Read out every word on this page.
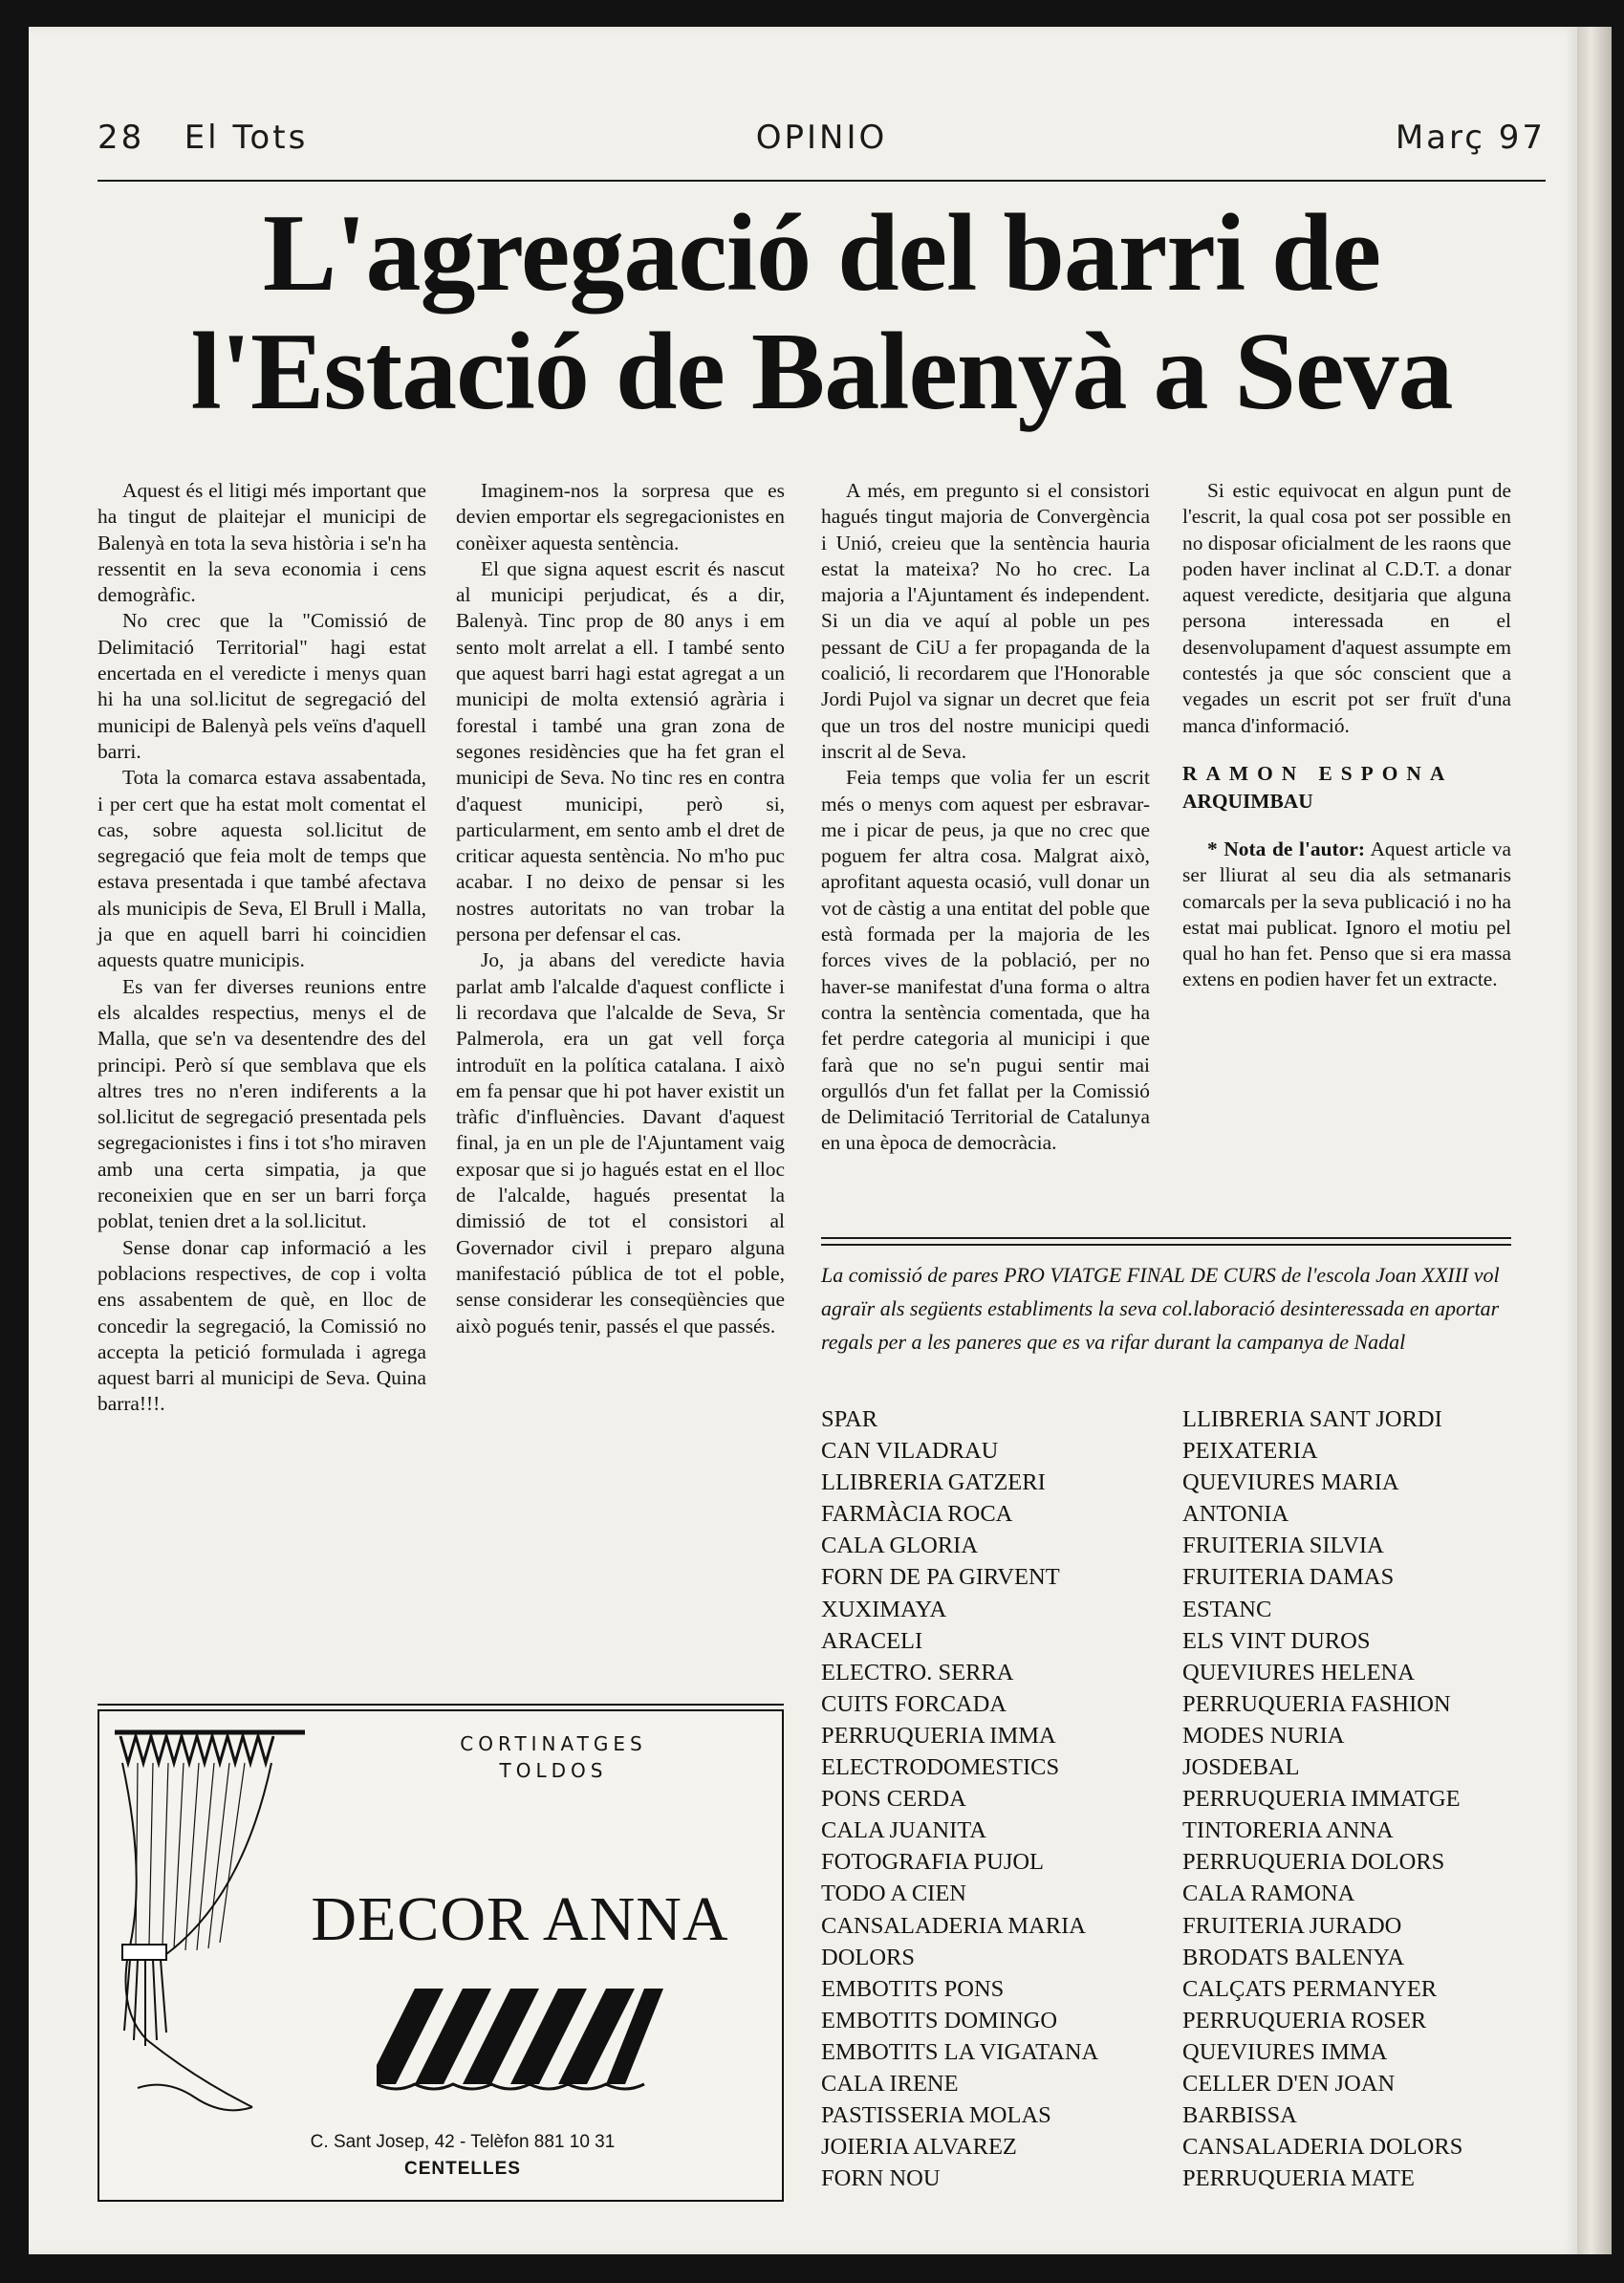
28 El Tots	OPINIO	Març 97
L'agregació del barri de
l'Estació de Balenyà a Seva

Aquest és el litigi més important que ha tingut de plaitejar el municipi de Balenyà en tota la seva història i se'n ha ressentit en la seva economia i cens demogràfic.

No crec que la "Comissió de Delimitació Territorial" hagi estat encertada en el veredicte i menys quan hi ha una sol.licitut de segregació del municipi de Balenyà pels veïns d'aquell barri.

Tota la comarca estava assabentada, i per cert que ha estat molt comentat el cas, sobre aquesta sol.licitut de segregació que feia molt de temps que estava presentada i que també afectava als municipis de Seva, El Brull i Malla, ja que en aquell barri hi coincidien aquests quatre municipis.

Es van fer diverses reunions entre els alcaldes respectius, menys el de Malla, que se'n va desentendre des del principi. Però sí que semblava que els altres tres no n'eren indiferents a la sol.licitut de segregació presentada pels segregacionistes i fins i tot s'ho miraven amb una certa simpatia, ja que reconeixien que en ser un barri força poblat, tenien dret a la sol.licitut.

Sense donar cap informació a les poblacions respectives, de cop i volta ens assabentem de què, en lloc de concedir la segregació, la Comissió no accepta la petició formulada i agrega aquest barri al municipi de Seva. Quina barra!!!.

Imaginem-nos la sorpresa que es devien emportar els segregacionistes en conèixer aquesta sentència.

El que signa aquest escrit és nascut al municipi perjudicat, és a dir, Balenyà. Tinc prop de 80 anys i em sento molt arrelat a ell. I també sento que aquest barri hagi estat agregat a un municipi de molta extensió agrària i forestal i també una gran zona de segones residències que ha fet gran el municipi de Seva. No tinc res en contra d'aquest municipi, però si, particularment, em sento amb el dret de criticar aquesta sentència. No m'ho puc acabar. I no deixo de pensar si les nostres autoritats no van trobar la persona per defensar el cas.

Jo, ja abans del veredicte havia parlat amb l'alcalde d'aquest conflicte i li recordava que l'alcalde de Seva, Sr Palmerola, era un gat vell força introduït en la política catalana. I això em fa pensar que hi pot haver existit un tràfic d'influències. Davant d'aquest final, ja en un ple de l'Ajuntament vaig exposar que si jo hagués estat en el lloc de l'alcalde, hagués presentat la dimissió de tot el consistori al Governador civil i preparo alguna manifestació pública de tot el poble, sense considerar les conseqüències que això pogués tenir, passés el que passés.

A més, em pregunto si el consistori hagués tingut majoria de Convergència i Unió, creieu que la sentència hauria estat la mateixa? No ho crec. La majoria a l'Ajuntament és independent. Si un dia ve aquí al poble un pes pessant de CiU a fer propaganda de la coalició, li recordarem que l'Honorable Jordi Pujol va signar un decret que feia que un tros del nostre municipi quedi inscrit al de Seva.

Feia temps que volia fer un escrit més o menys com aquest per esbravar-me i picar de peus, ja que no crec que poguem fer altra cosa. Malgrat això, aprofitant aquesta ocasió, vull donar un vot de càstig a una entitat del poble que està formada per la majoria de les forces vives de la població, per no haver-se manifestat d'una forma o altra contra la sentència comentada, que ha fet perdre categoria al municipi i que farà que no se'n pugui sentir mai orgullós d'un fet fallat per la Comissió de Delimitació Territorial de Catalunya en una època de democràcia.

Si estic equivocat en algun punt de l'escrit, la qual cosa pot ser possible en no disposar oficialment de les raons que poden haver inclinat al C.D.T. a donar aquest veredicte, desitjaria que alguna persona interessada en el desenvolupament d'aquest assumpte em contestés ja que sóc conscient que a vegades un escrit pot ser fruït d'una manca d'informació.

RAMON ESPONA
ARQUIMBAU

* Nota de l'autor: Aquest article va ser lliurat al seu dia als setmanaris comarcals per la seva publicació i no ha estat mai publicat. Ignoro el motiu pel qual ho han fet. Penso que si era massa extens en podien haver fet un extracte.

La comissió de pares PRO VIATGE FINAL DE CURS de l'escola Joan XXIII vol agraïr als següents establiments la seva col.laboració desinteressada en aportar regals per a les paneres que es va rifar durant la campanya de Nadal

SPAR
CAN VILADRAU
LLIBRERIA GATZERI
FARMÀCIA ROCA
CALA GLORIA
FORN DE PA GIRVENT
XUXIMAYA
ARACELI
ELECTRO. SERRA
CUITS FORCADA
PERRUQUERIA IMMA
ELECTRODOMESTICS
PONS CERDA
CALA JUANITA
FOTOGRAFIA PUJOL
TODO A CIEN
CANSALADERIA MARIA
DOLORS
EMBOTITS PONS
EMBOTITS DOMINGO
EMBOTITS LA VIGATANA
CALA IRENE
PASTISSERIA MOLAS
JOIERIA ALVAREZ
FORN NOU
LLIBRERIA SANT JORDI
PEIXATERIA
QUEVIURES MARIA
ANTONIA
FRUITERIA SILVIA
FRUITERIA DAMAS
ESTANC
ELS VINT DUROS
QUEVIURES HELENA
PERRUQUERIA FASHION
MODES NURIA
JOSDEBAL
PERRUQUERIA IMMATGE
TINTORERIA ANNA
PERRUQUERIA DOLORS
CALA RAMONA
FRUITERIA JURADO
BRODATS BALENYA
CALÇATS PERMANYER
PERRUQUERIA ROSER
QUEVIURES IMMA
CELLER D'EN JOAN
BARBISSA
CANSALADERIA DOLORS
PERRUQUERIA MATE
CORTINATGES
TOLDOS
DECOR ANNA
C. Sant Josep, 42 - Telèfon 881 10 31
CENTELLES
